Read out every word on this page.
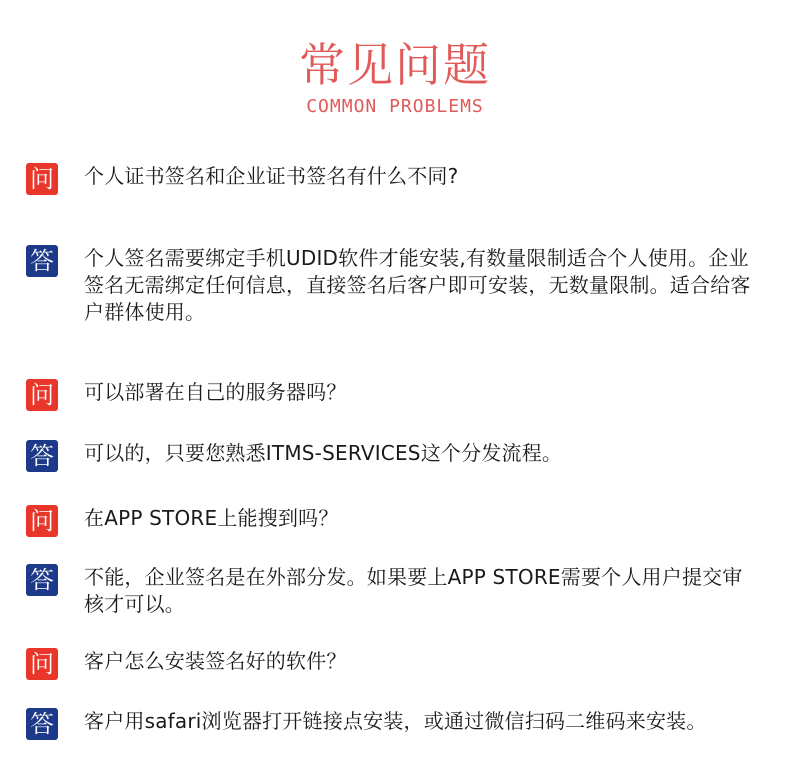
常见问题
COMMON PROBLEMS
问 个人证书签名和企业证书签名有什么不同?
答 个人签名需要绑定手机UDID软件才能安装,有数量限制适合个人使用。企业签名无需绑定任何信息，直接签名后客户即可安装，无数量限制。适合给客户群体使用。
问 可以部署在自己的服务器吗？
答 可以的，只要您熟悉ITMS-SERVICES这个分发流程。
问 在APP STORE上能搜到吗？
答 不能，企业签名是在外部分发。如果要上APP STORE需要个人用户提交审核才可以。
问 客户怎么安装签名好的软件？
答 客户用safari浏览器打开链接点安装，或通过微信扫码二维码来安装。
